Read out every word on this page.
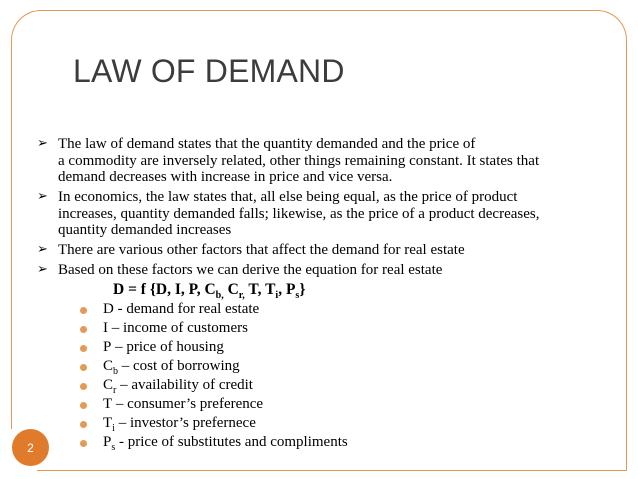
LAW OF DEMAND
➢ The law of demand states that the quantity demanded and the price of
a commodity are inversely related, other things remaining constant. It states that
demand decreases with increase in price and vice versa.
➢ In economics, the law states that, all else being equal, as the price of product
increases, quantity demanded falls; likewise, as the price of a product decreases,
quantity demanded increases
➢ There are various other factors that affect the demand for real estate
➢ Based on these factors we can derive the equation for real estate
D = f {D, I, P, $C_{b,}$ $C_{r,}$ T, $T_i$, $P_s$}
D - demand for real estate
I – income of customers
P – price of housing
$C_b$ – cost of borrowing
$C_r$ – availability of credit
T – consumer’s preference
$T_i$ – investor’s prefernece
$P_s$ - price of substitutes and compliments
2
